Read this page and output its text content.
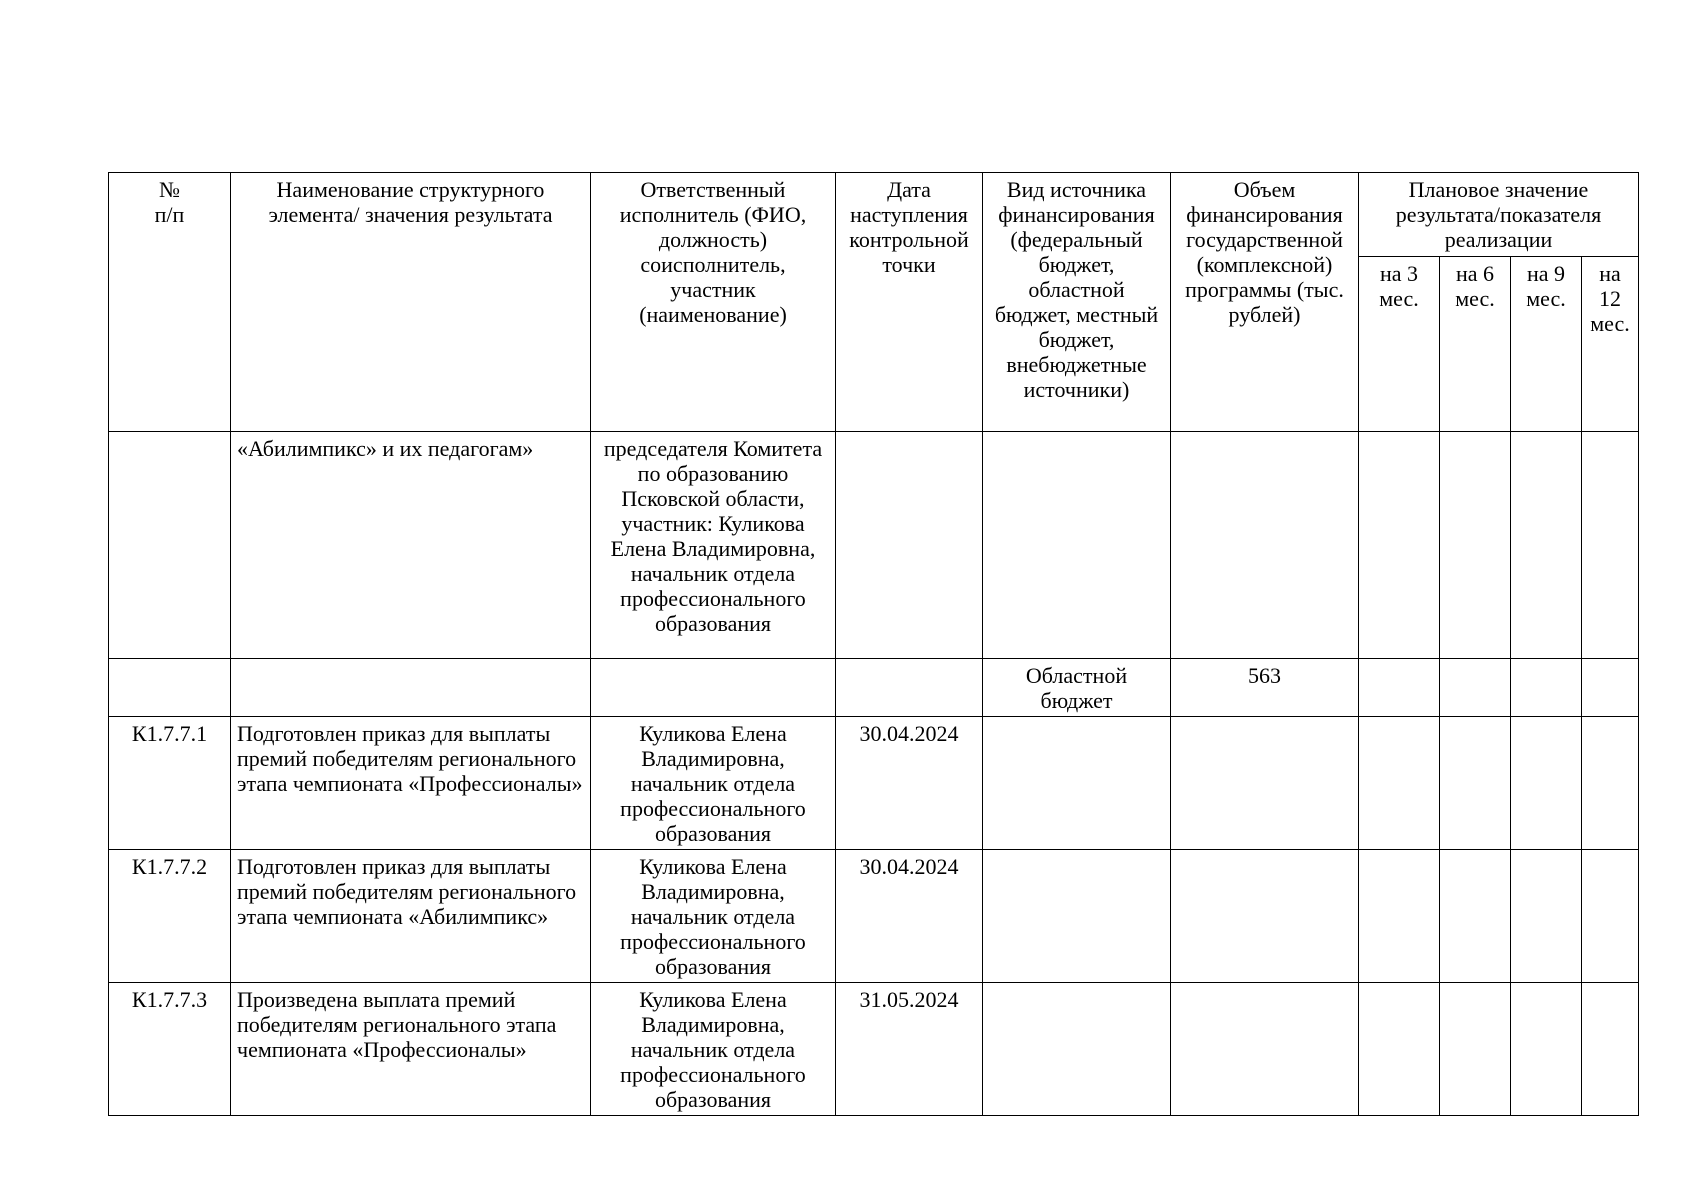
№
п/п	Наименование структурного элемента/ значения результата	Ответственный исполнитель (ФИО, должность) соисполнитель, участник (наименование)	Дата наступления контрольной точки	Вид источника финансирования (федеральный бюджет, областной бюджет, местный бюджет, внебюджетные источники)	Объем финансирования государственной (комплексной) программы (тыс. рублей)	Плановое значение результата/показателя реализации			
						на 3 мес.	на 6 мес.	на 9 мес.	на 12 мес.
	«Абилимпикс» и их педагогам»	председателя Комитета по образованию Псковской области, участник: Куликова Елена Владимировна, начальник отдела профессионального образования							
				Областной бюджет	563				
К1.7.7.1	Подготовлен приказ для выплаты премий победителям регионального этапа чемпионата «Профессионалы»	Куликова Елена Владимировна, начальник отдела профессионального образования	30.04.2024						
К1.7.7.2	Подготовлен приказ для выплаты премий победителям регионального этапа чемпионата «Абилимпикс»	Куликова Елена Владимировна, начальник отдела профессионального образования	30.04.2024						
К1.7.7.3	Произведена выплата премий победителям регионального этапа чемпионата «Профессионалы»	Куликова Елена Владимировна, начальник отдела профессионального образования	31.05.2024						
